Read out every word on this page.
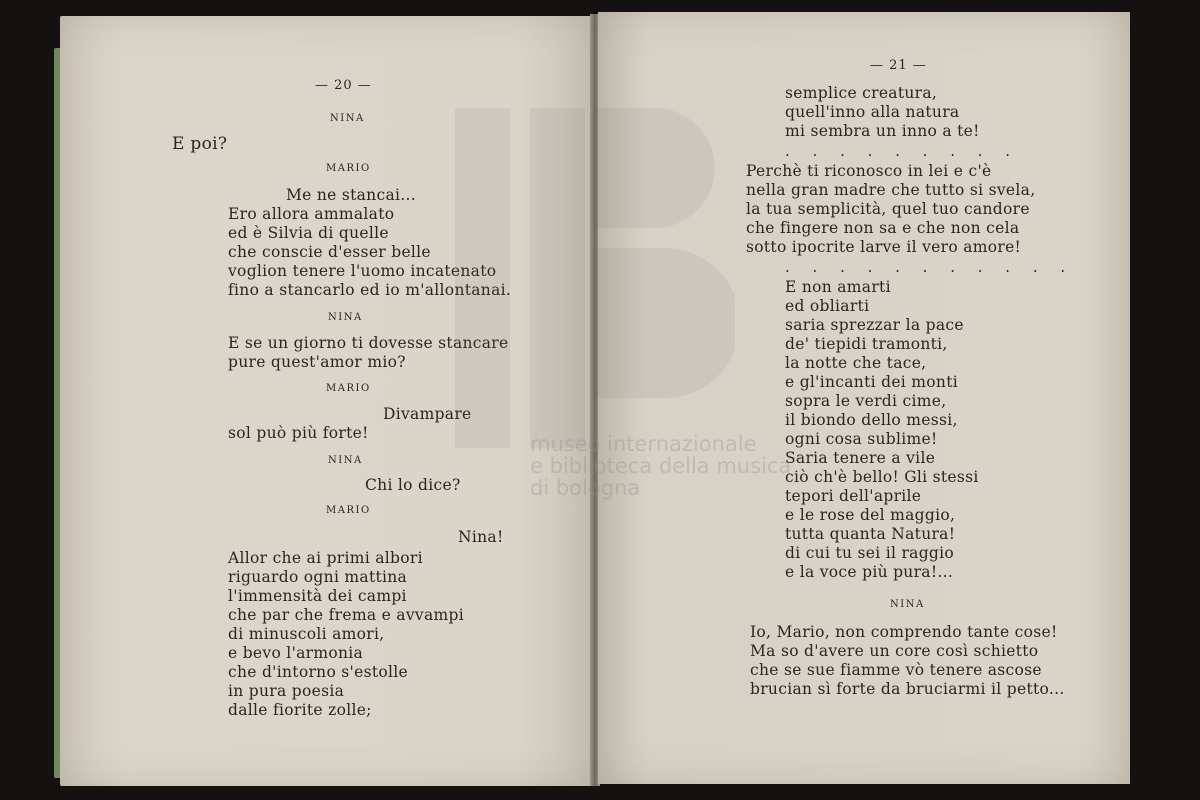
— 20 —
NINA
E poi?
MARIO
Me ne stancai...
Ero allora ammalato
ed è Silvia di quelle
che conscie d'esser belle
voglion tenere l'uomo incatenato
fino a stancarlo ed io m'allontanai.
NINA
E se un giorno ti dovesse stancare
pure quest'amor mio?
MARIO
Divampare
sol può più forte!
NINA
Chi lo dice?
MARIO
Nina!
Allor che ai primi albori
riguardo ogni mattina
l'immensità dei campi
che par che frema e avvampi
di minuscoli amori,
e bevo l'armonia
che d'intorno s'estolle
in pura poesia
dalle fiorite zolle;
— 21 —
semplice creatura,
quell'inno alla natura
mi sembra un inno a te!
. . . . . . . . .
Perchè ti riconosco in lei e c'è
nella gran madre che tutto si svela,
la tua semplicità, quel tuo candore
che fingere non sa e che non cela
sotto ipocrite larve il vero amore!
. . . . . . . . . . .
E non amarti
ed obliarti
saria sprezzar la pace
de' tiepidi tramonti,
la notte che tace,
e gl'incanti dei monti
sopra le verdi cime,
il biondo dello messi,
ogni cosa sublime!
Saria tenere a vile
ciò ch'è bello! Gli stessi
tepori dell'aprile
e le rose del maggio,
tutta quanta Natura!
di cui tu sei il raggio
e la voce più pura!...
NINA
Io, Mario, non comprendo tante cose!
Ma so d'avere un core così schietto
che se sue fiamme vò tenere ascose
brucian sì forte da bruciarmi il petto...
museo internazionale
e biblioteca della musica
di bologna
